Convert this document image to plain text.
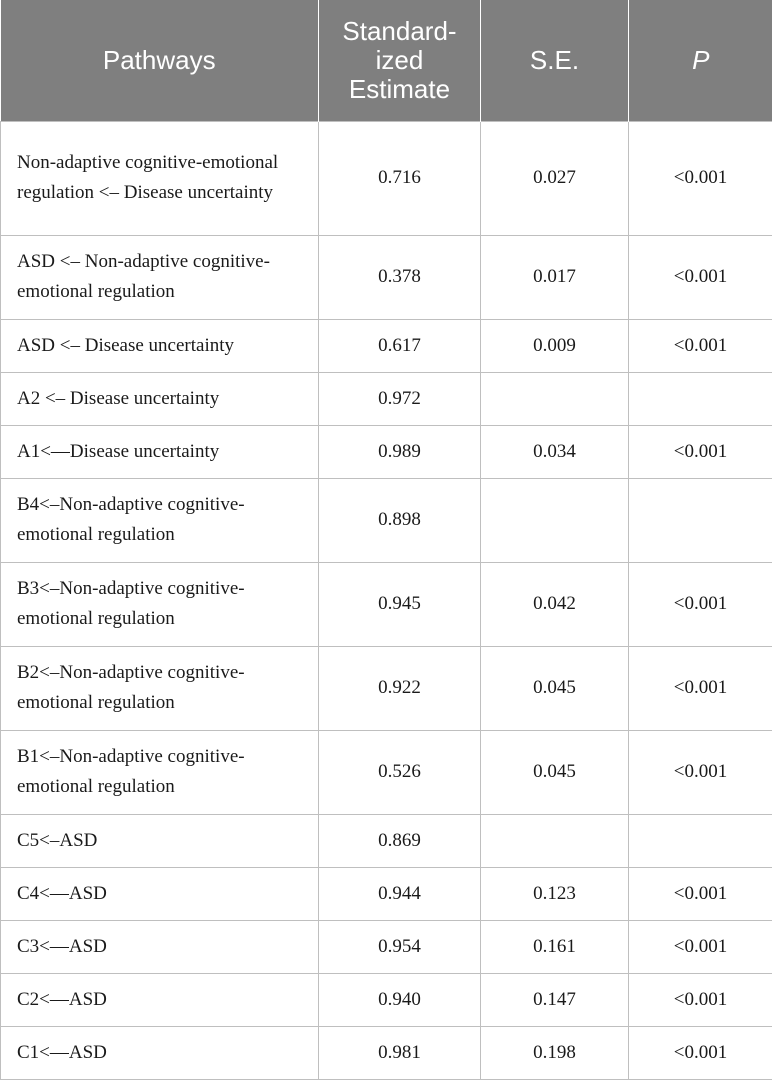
Pathways	Standard-ized Estimate	S.E.	P
Non-adaptive cognitive-emotional regulation <– Disease uncertainty	0.716	0.027	<0.001
ASD <– Non-adaptive cognitive-emotional regulation	0.378	0.017	<0.001
ASD <– Disease uncertainty	0.617	0.009	<0.001
A2 <– Disease uncertainty	0.972		
A1<—Disease uncertainty	0.989	0.034	<0.001
B4<–Non-adaptive cognitive-emotional regulation	0.898		
B3<–Non-adaptive cognitive-emotional regulation	0.945	0.042	<0.001
B2<–Non-adaptive cognitive-emotional regulation	0.922	0.045	<0.001
B1<–Non-adaptive cognitive-emotional regulation	0.526	0.045	<0.001
C5<–ASD	0.869		
C4<—ASD	0.944	0.123	<0.001
C3<—ASD	0.954	0.161	<0.001
C2<—ASD	0.940	0.147	<0.001
C1<—ASD	0.981	0.198	<0.001
